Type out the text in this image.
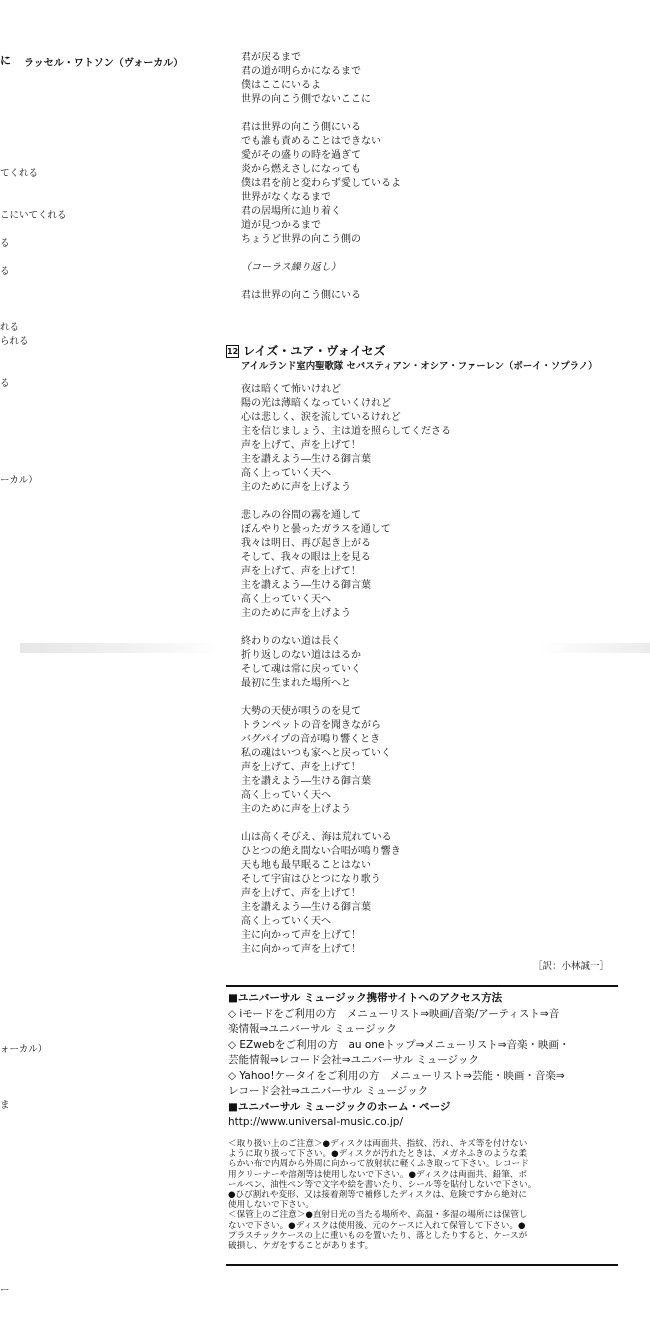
に ラッセル・ワトソン（ヴォーカル）
てくれる
こにいてくれる
る
る
れる
られる
る
ーカル）
ォーカル）
ま
ー
君が戻るまで
君の道が明らかになるまで
僕はここにいるよ
世界の向こう側でないここに
君は世界の向こう側にいる
でも誰も責めることはできない
愛がその盛りの時を過ぎて
炎から燃えさしになっても
僕は君を前と変わらず愛しているよ
世界がなくなるまで
君の居場所に辿り着く
道が見つかるまで
ちょうど世界の向こう側の
（コーラス繰り返し）
君は世界の向こう側にいる
12 レイズ・ユア・ヴォイセズ
アイルランド室内聖歌隊 セバスティアン・オシア・ファーレン（ボーイ・ソプラノ）
夜は暗くて怖いけれど
陽の光は薄暗くなっていくけれど
心は悲しく、涙を流しているけれど
主を信じましょう、主は道を照らしてくださる
声を上げて、声を上げて！
主を讃えよう―生ける御言葉
高く上っていく天へ
主のために声を上げよう
悲しみの谷間の霧を通して
ぼんやりと曇ったガラスを通して
我々は明日、再び起き上がる
そして、我々の眼は上を見る
声を上げて、声を上げて！
主を讃えよう―生ける御言葉
高く上っていく天へ
主のために声を上げよう
終わりのない道は長く
折り返しのない道ははるか
そして魂は常に戻っていく
最初に生まれた場所へと
大勢の天使が唄うのを見て
トランペットの音を聞きながら
バグパイプの音が鳴り響くとき
私の魂はいつも家へと戻っていく
声を上げて、声を上げて！
主を讃えよう―生ける御言葉
高く上っていく天へ
主のために声を上げよう
山は高くそびえ、海は荒れている
ひとつの絶え間ない合唱が鳴り響き
天も地も最早眠ることはない
そして宇宙はひとつになり歌う
声を上げて、声を上げて！
主を讃えよう―生ける御言葉
高く上っていく天へ
主に向かって声を上げて！
主に向かって声を上げて！
［訳：小林誠一］
■ユニバーサル ミュージック携帯サイトへのアクセス方法
◇ iモードをご利用の方　メニューリスト⇒映画/音楽/アーティスト⇒音
楽情報⇒ユニバーサル ミュージック
◇ EZwebをご利用の方　au oneトップ⇒メニューリスト⇒音楽・映画・
芸能情報⇒レコード会社⇒ユニバーサル ミュージック
◇ Yahoo!ケータイをご利用の方　メニューリスト⇒芸能・映画・音楽⇒
レコード会社⇒ユニバーサル ミュージック
■ユニバーサル ミュージックのホーム・ページ
http://www.universal-music.co.jp/
＜取り扱い上のご注意＞●ディスクは両面共、指紋、汚れ、キズ等を付けない
ように取り扱って下さい。●ディスクが汚れたときは、メガネふきのような柔
らかい布で内周から外周に向かって放射状に軽くふき取って下さい。レコード
用クリーナーや溶剤等は使用しないで下さい。●ディスクは両面共、鉛筆、ボ
ールペン、油性ペン等で文字や絵を書いたり、シール等を貼付しないで下さい。
●ひび割れや変形、又は接着剤等で補修したディスクは、危険ですから絶対に
使用しないで下さい。
＜保管上のご注意＞●直射日光の当たる場所や、高温・多湿の場所には保管し
ないで下さい。●ディスクは使用後、元のケースに入れて保管して下さい。●
プラスチックケースの上に重いものを置いたり、落としたりすると、ケースが
破損し、ケガをすることがあります。
